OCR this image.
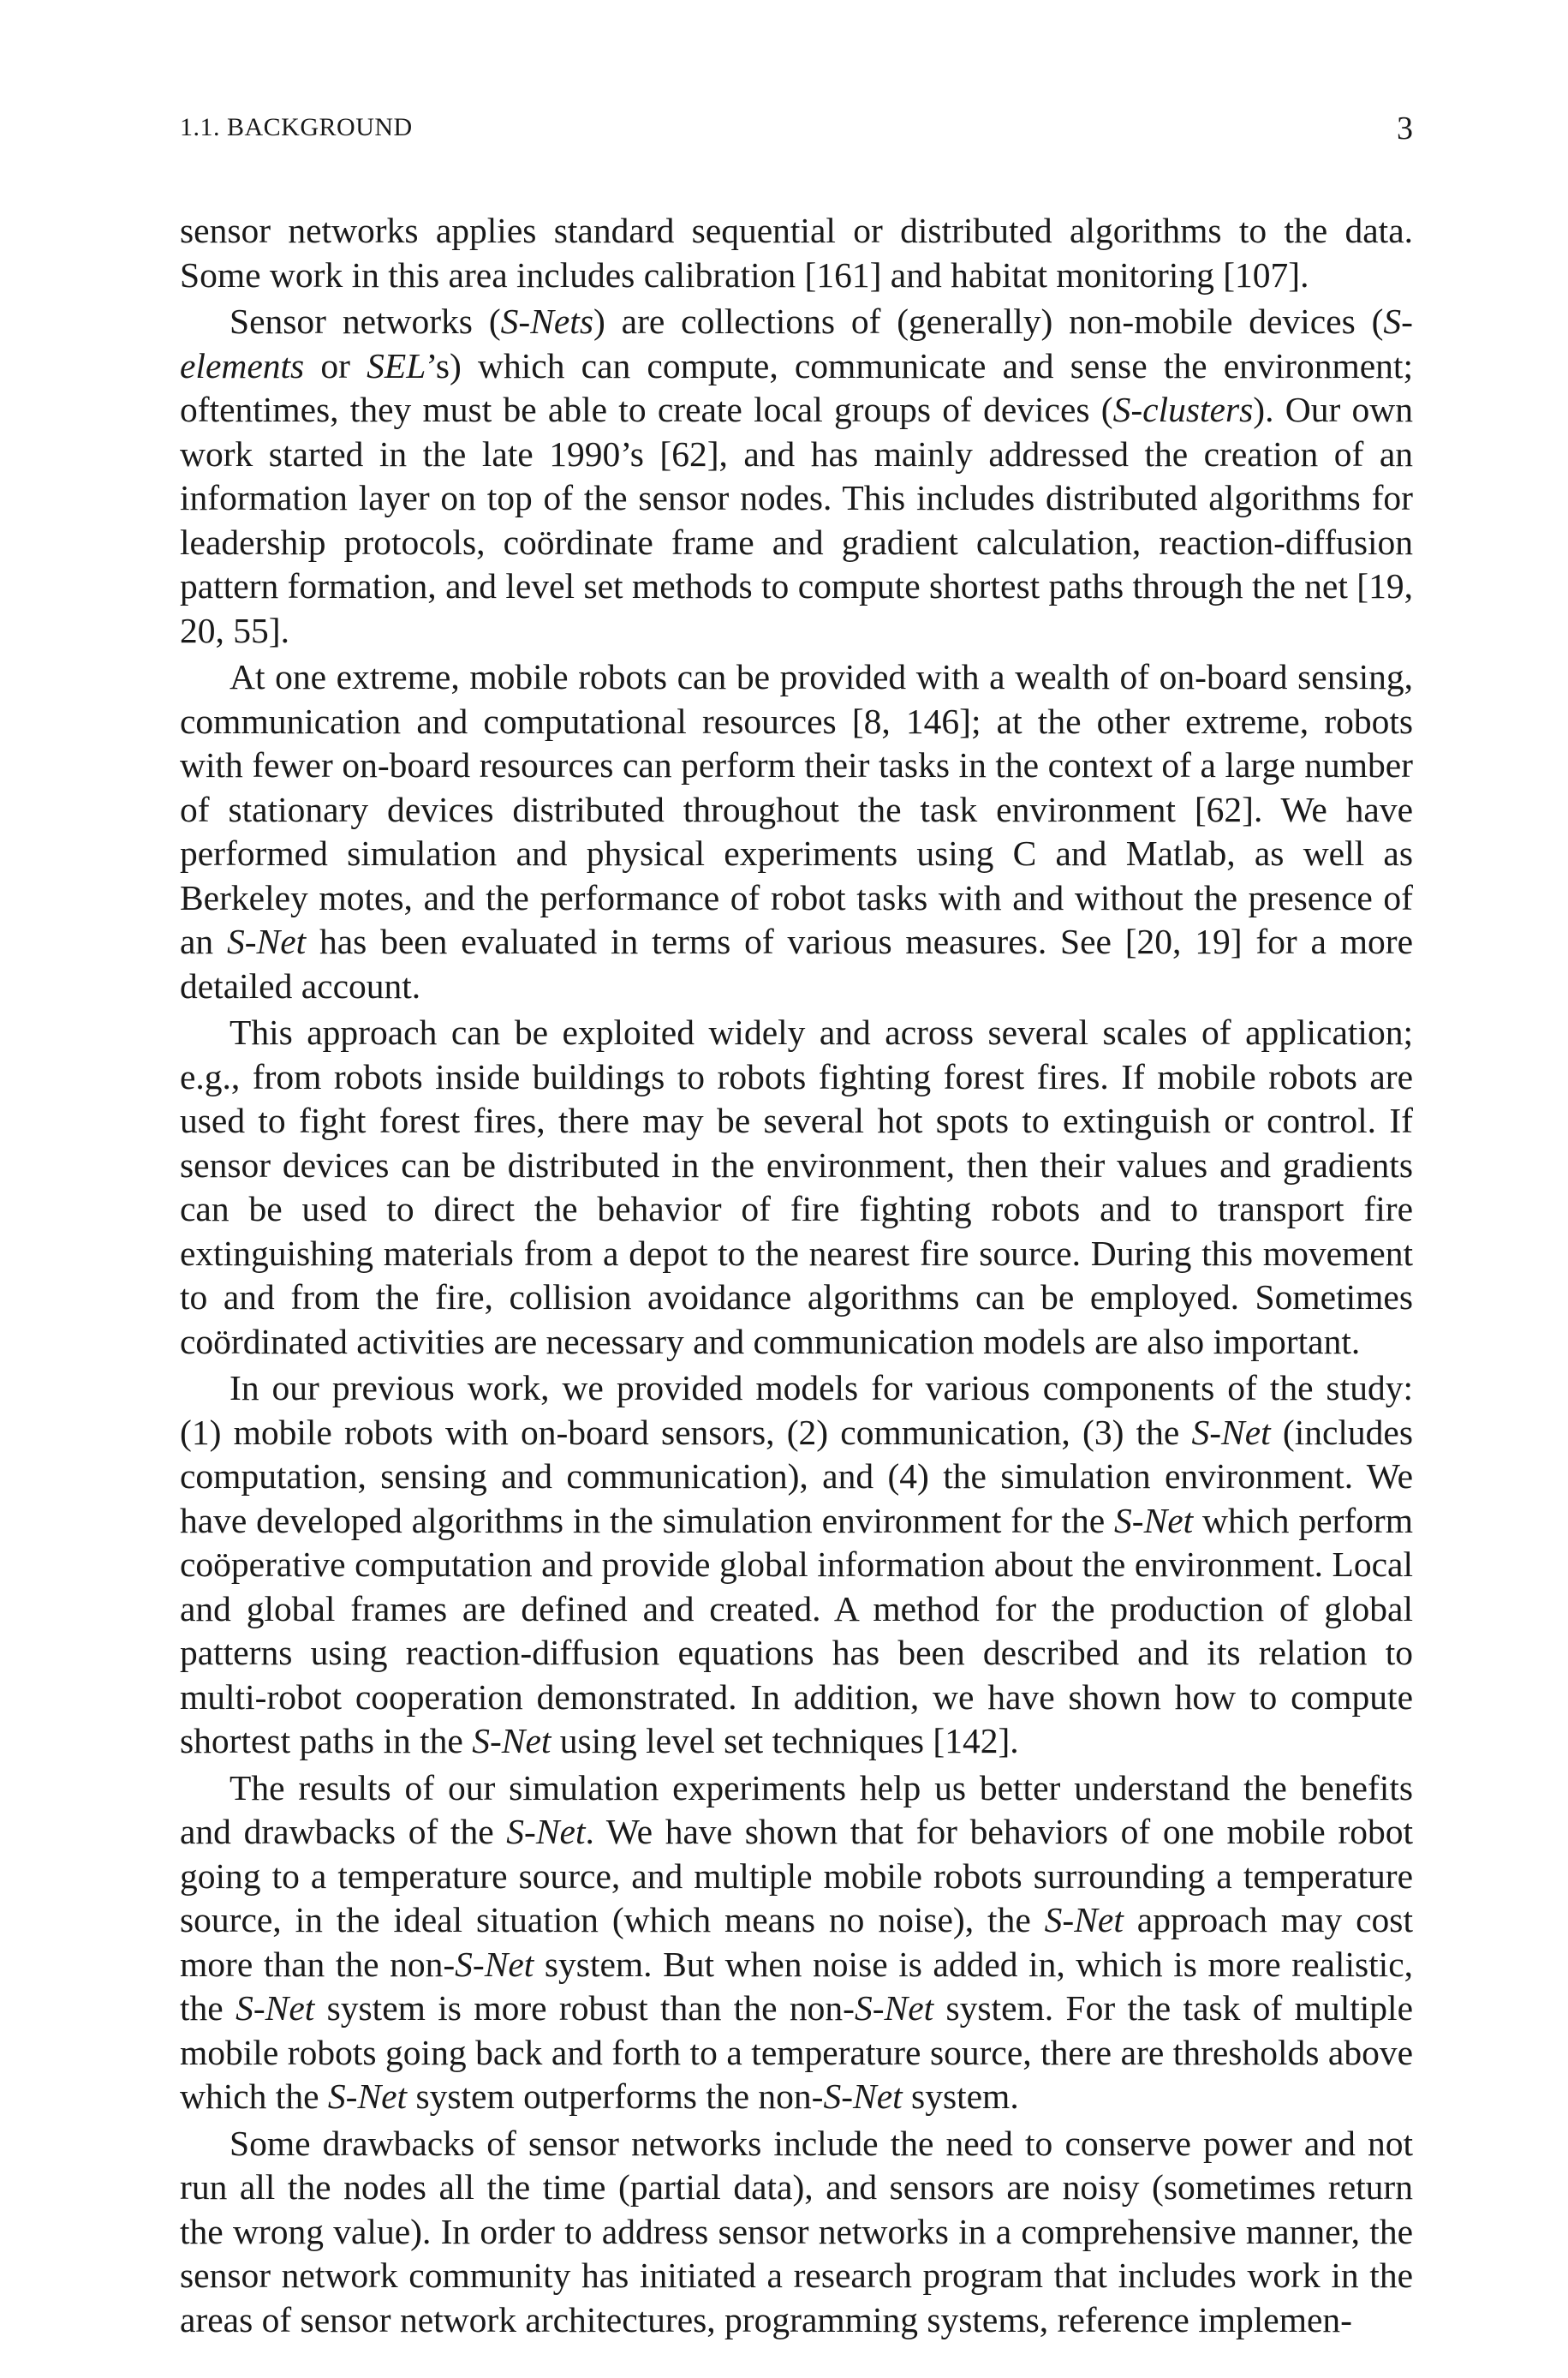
1.1. BACKGROUND	3

sensor networks applies standard sequential or distributed algorithms to the data. Some work in this area includes calibration [161] and habitat monitoring [107].

Sensor networks (S-Nets) are collections of (generally) non-mobile devices (S-elements or SEL’s) which can compute, communicate and sense the environment; oftentimes, they must be able to create local groups of devices (S-clusters). Our own work started in the late 1990’s [62], and has mainly addressed the creation of an information layer on top of the sensor nodes. This includes distributed algorithms for leadership protocols, coördinate frame and gradient calculation, reaction-diffusion pattern formation, and level set methods to compute shortest paths through the net [19, 20, 55].

At one extreme, mobile robots can be provided with a wealth of on-board sensing, communication and computational resources [8, 146]; at the other extreme, robots with fewer on-board resources can perform their tasks in the context of a large number of stationary devices distributed throughout the task environment [62]. We have performed simulation and physical experiments using C and Matlab, as well as Berkeley motes, and the performance of robot tasks with and without the presence of an S-Net has been evaluated in terms of various measures. See [20, 19] for a more detailed account.

This approach can be exploited widely and across several scales of application; e.g., from robots inside buildings to robots fighting forest fires. If mobile robots are used to fight forest fires, there may be several hot spots to extinguish or control. If sensor devices can be distributed in the environment, then their values and gradients can be used to direct the behavior of fire fighting robots and to transport fire extinguishing materials from a depot to the nearest fire source. During this movement to and from the fire, collision avoidance algorithms can be employed. Sometimes coördinated activities are necessary and communication models are also important.

In our previous work, we provided models for various components of the study: (1) mobile robots with on-board sensors, (2) communication, (3) the S-Net (includes computation, sensing and communication), and (4) the simulation environment. We have developed algorithms in the simulation environment for the S-Net which perform coöperative computation and provide global information about the environment. Local and global frames are defined and created. A method for the production of global patterns using reaction-diffusion equations has been described and its relation to multi-robot cooperation demonstrated. In addition, we have shown how to compute shortest paths in the S-Net using level set techniques [142].

The results of our simulation experiments help us better understand the benefits and drawbacks of the S-Net. We have shown that for behaviors of one mobile robot going to a temperature source, and multiple mobile robots surrounding a temperature source, in the ideal situation (which means no noise), the S-Net approach may cost more than the non-S-Net system. But when noise is added in, which is more realistic, the S-Net system is more robust than the non-S-Net system. For the task of multiple mobile robots going back and forth to a temperature source, there are thresholds above which the S-Net system outperforms the non-S-Net system.

Some drawbacks of sensor networks include the need to conserve power and not run all the nodes all the time (partial data), and sensors are noisy (sometimes return the wrong value). In order to address sensor networks in a comprehensive manner, the sensor network community has initiated a research program that includes work in the areas of sensor network architectures, programming systems, reference implemen-
